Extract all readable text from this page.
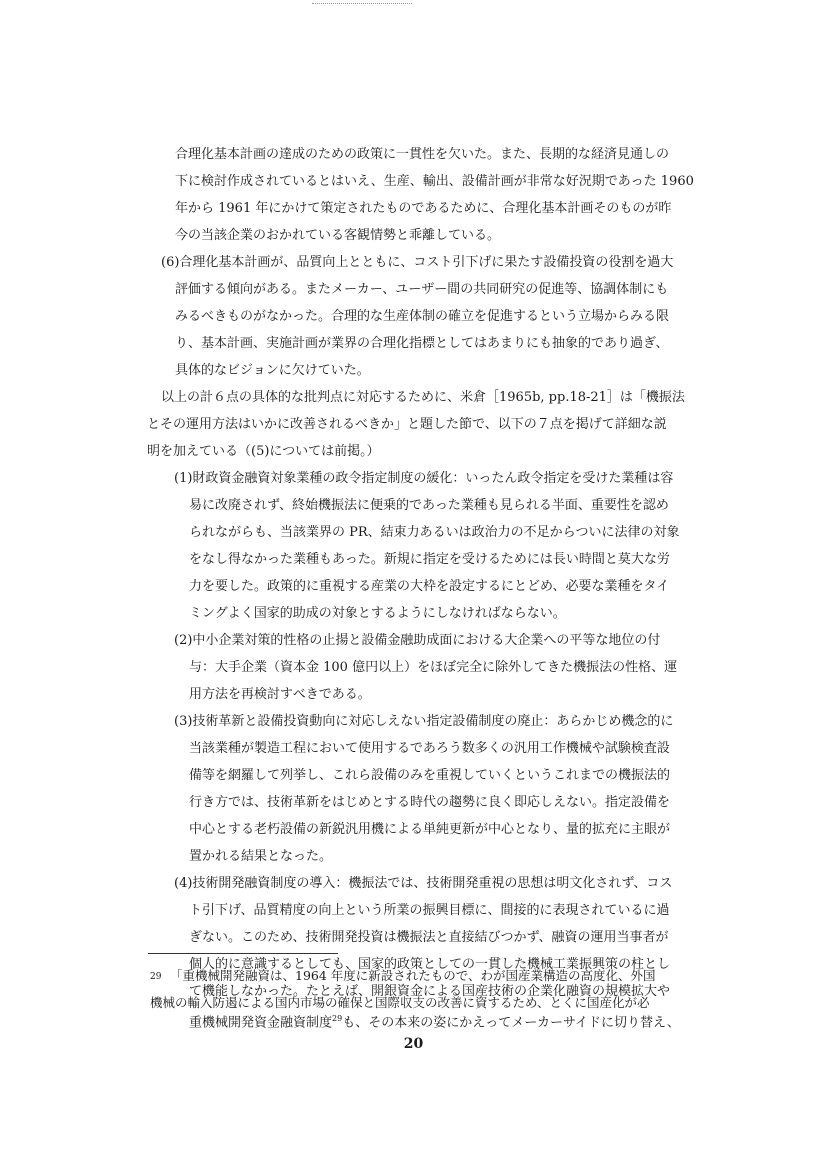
合理化基本計画の達成のための政策に一貫性を欠いた。また、長期的な経済見通しの
下に検討作成されているとはいえ、生産、輸出、設備計画が非常な好況期であった 1960
年から 1961 年にかけて策定されたものであるために、合理化基本計画そのものが昨
今の当該企業のおかれている客観情勢と乖離している。
(6)合理化基本計画が、品質向上とともに、コスト引下げに果たす設備投資の役割を過大
評価する傾向がある。またメーカー、ユーザー間の共同研究の促進等、協調体制にも
みるべきものがなかった。合理的な生産体制の確立を促進するという立場からみる限
り、基本計画、実施計画が業界の合理化指標としてはあまりにも抽象的であり過ぎ、
具体的なビジョンに欠けていた。
以上の計６点の具体的な批判点に対応するために、米倉［1965b, pp.18-21］は「機振法
とその運用方法はいかに改善されるべきか」と題した節で、以下の７点を掲げて詳細な説
明を加えている（(5)については前掲。）
(1)財政資金融資対象業種の政令指定制度の緩化：いったん政令指定を受けた業種は容
易に改廃されず、終始機振法に便乗的であった業種も見られる半面、重要性を認め
られながらも、当該業界の PR、結束力あるいは政治力の不足からついに法律の対象
をなし得なかった業種もあった。新規に指定を受けるためには長い時間と莫大な労
力を要した。政策的に重視する産業の大枠を設定するにとどめ、必要な業種をタイ
ミングよく国家的助成の対象とするようにしなければならない。
(2)中小企業対策的性格の止揚と設備金融助成面における大企業への平等な地位の付
与：大手企業（資本金 100 億円以上）をほぼ完全に除外してきた機振法の性格、運
用方法を再検討すべきである。
(3)技術革新と設備投資動向に対応しえない指定設備制度の廃止：あらかじめ機念的に
当該業種が製造工程において使用するであろう数多くの汎用工作機械や試験検査設
備等を網羅して列挙し、これら設備のみを重視していくというこれまでの機振法的
行き方では、技術革新をはじめとする時代の趨勢に良く即応しえない。指定設備を
中心とする老朽設備の新鋭汎用機による単純更新が中心となり、量的拡充に主眼が
置かれる結果となった。
(4)技術開発融資制度の導入：機振法では、技術開発重視の思想は明文化されず、コス
ト引下げ、品質精度の向上という所業の振興目標に、間接的に表現されているに過
ぎない。このため、技術開発投資は機振法と直接結びつかず、融資の運用当事者が
個人的に意識するとしても、国家的政策としての一貫した機械工業振興策の柱とし
て機能しなかった。たとえば、開銀資金による国産技術の企業化融資の規模拡大や
重機械開発資金融資制度$^{29}$も、その本来の姿にかえってメーカーサイドに切り替え、
29 「重機械開発融資は、1964 年度に新設されたもので、わが国産業構造の高度化、外国
機械の輸入防遏による国内市場の確保と国際収支の改善に資するため、とくに国産化が必
20
